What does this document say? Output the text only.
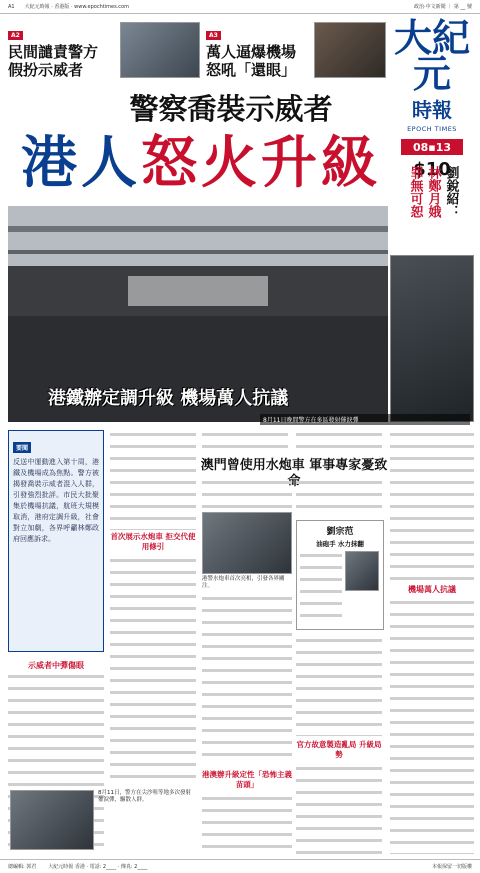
A1 大紀元時報 · 香港版 · www.epochtimes.com	政治·中文新聞 ｜ 第 __ 號
A2
民間譴責警方假扮示威者
A3
萬人逼爆機場怒吼「還眼」
大紀元
時報
EPOCH TIMES
08▪13
$10
劉銳紹：
林鄭月娥
罪無可恕
警察喬裝示威者
港人怒火升級
港鐵辦定調升級 機場萬人抗議
8月11日晚間警方在多區發射催淚彈
要聞
反送中運動進入第十周，港鐵及機場成為焦點。警方被揭發喬裝示威者混入人群，引發強烈批評。市民大批聚集於機場抗議，航班大規模取消，港府定調升級，社會對立加劇，各界呼籲林鄭政府回應訴求。
示威者中彈傷眼
首次展示水炮車 拒交代使用條引
8月11日，警方在尖沙咀等地多次發射催淚彈，驅散人群。
澳門曾使用水炮車 軍事專家憂致命
港警水炮車首次亮相，引發各界關注。
劉宗范
油砲手 水力抹翻
港澳辦升級定性「恐怖主義苗頭」
官方故意製造亂局 升級局勢
機場萬人抗議
總編輯: 郭君 大紀元時報 香港 · 電話: 2____ · 傳真: 2____	本報保留一切版權
